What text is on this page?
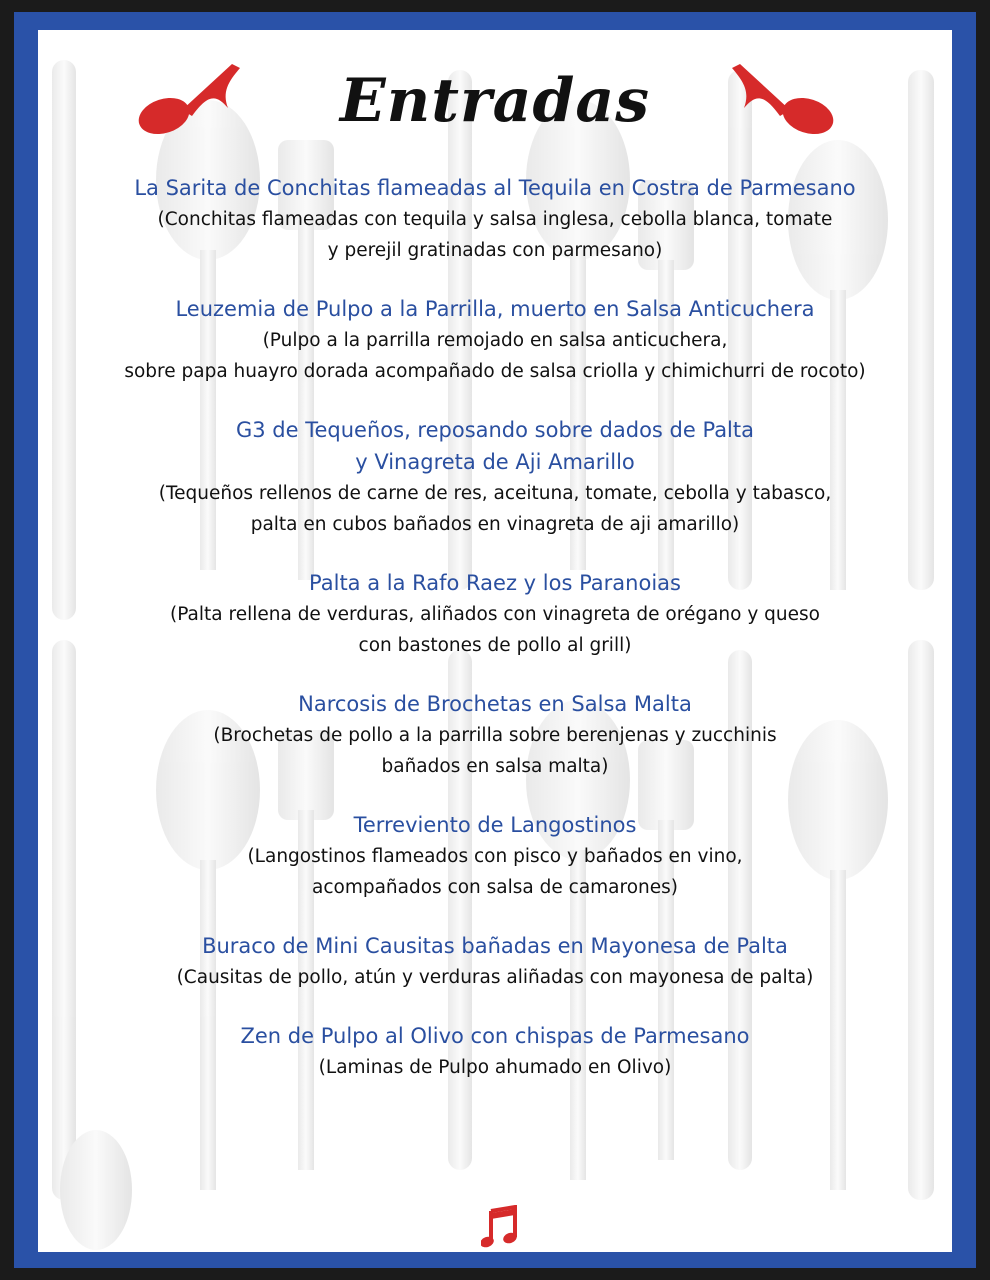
Entradas
La Sarita de Conchitas flameadas al Tequila en Costra de Parmesano
(Conchitas flameadas con tequila y salsa inglesa, cebolla blanca, tomate
y perejil gratinadas con parmesano)
Leuzemia de Pulpo a la Parrilla, muerto en Salsa Anticuchera
(Pulpo a la parrilla remojado en salsa anticuchera,
sobre papa huayro dorada acompañado de salsa criolla y chimichurri de rocoto)
G3 de Tequeños, reposando sobre dados de Palta
y Vinagreta de Aji Amarillo
(Tequeños rellenos de carne de res, aceituna, tomate, cebolla y tabasco,
palta en cubos bañados en vinagreta de aji amarillo)
Palta a la Rafo Raez y los Paranoias
(Palta rellena de verduras, aliñados con vinagreta de orégano y queso
con bastones de pollo al grill)
Narcosis de Brochetas en Salsa Malta
(Brochetas de pollo a la parrilla sobre berenjenas y zucchinis
bañados en salsa malta)
Terreviento de Langostinos
(Langostinos flameados con pisco y bañados en vino,
acompañados con salsa de camarones)
Buraco de Mini Causitas bañadas en Mayonesa de Palta
(Causitas de pollo, atún y verduras aliñadas con mayonesa de palta)
Zen de Pulpo al Olivo con chispas de Parmesano
(Laminas de Pulpo ahumado en Olivo)
